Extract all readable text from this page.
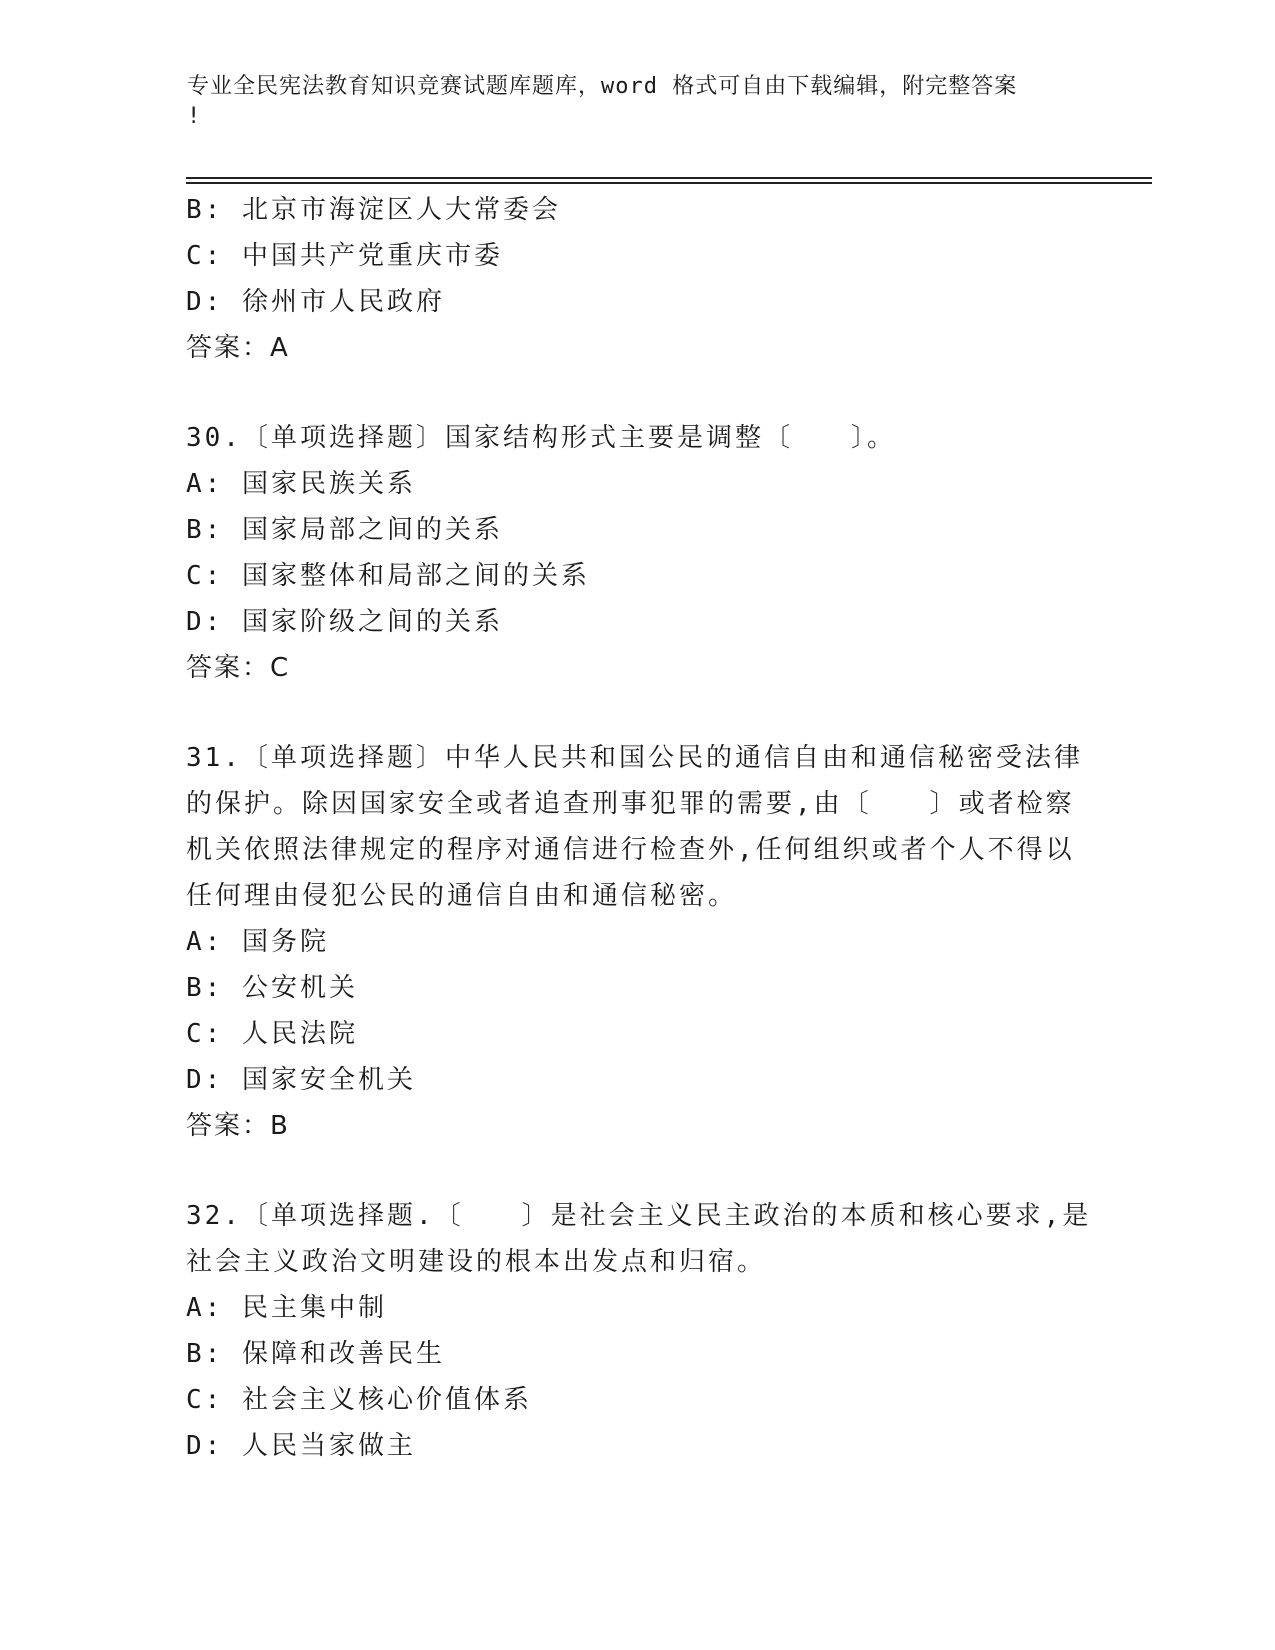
专业全民宪法教育知识竞赛试题库题库，word 格式可自由下载编辑，附完整答案
!
B: 北京市海淀区人大常委会
C: 中国共产党重庆市委
D: 徐州市人民政府
答案：A
30.〔单项选择题〕国家结构形式主要是调整〔　　〕。
A: 国家民族关系
B: 国家局部之间的关系
C: 国家整体和局部之间的关系
D: 国家阶级之间的关系
答案：C
31.〔单项选择题〕中华人民共和国公民的通信自由和通信秘密受法律
的保护。除因国家安全或者追查刑事犯罪的需要,由〔　　〕或者检察
机关依照法律规定的程序对通信进行检查外,任何组织或者个人不得以
任何理由侵犯公民的通信自由和通信秘密。
A: 国务院
B: 公安机关
C: 人民法院
D: 国家安全机关
答案：B
32.〔单项选择题.〔　　〕是社会主义民主政治的本质和核心要求,是
社会主义政治文明建设的根本出发点和归宿。
A: 民主集中制
B: 保障和改善民生
C: 社会主义核心价值体系
D: 人民当家做主
